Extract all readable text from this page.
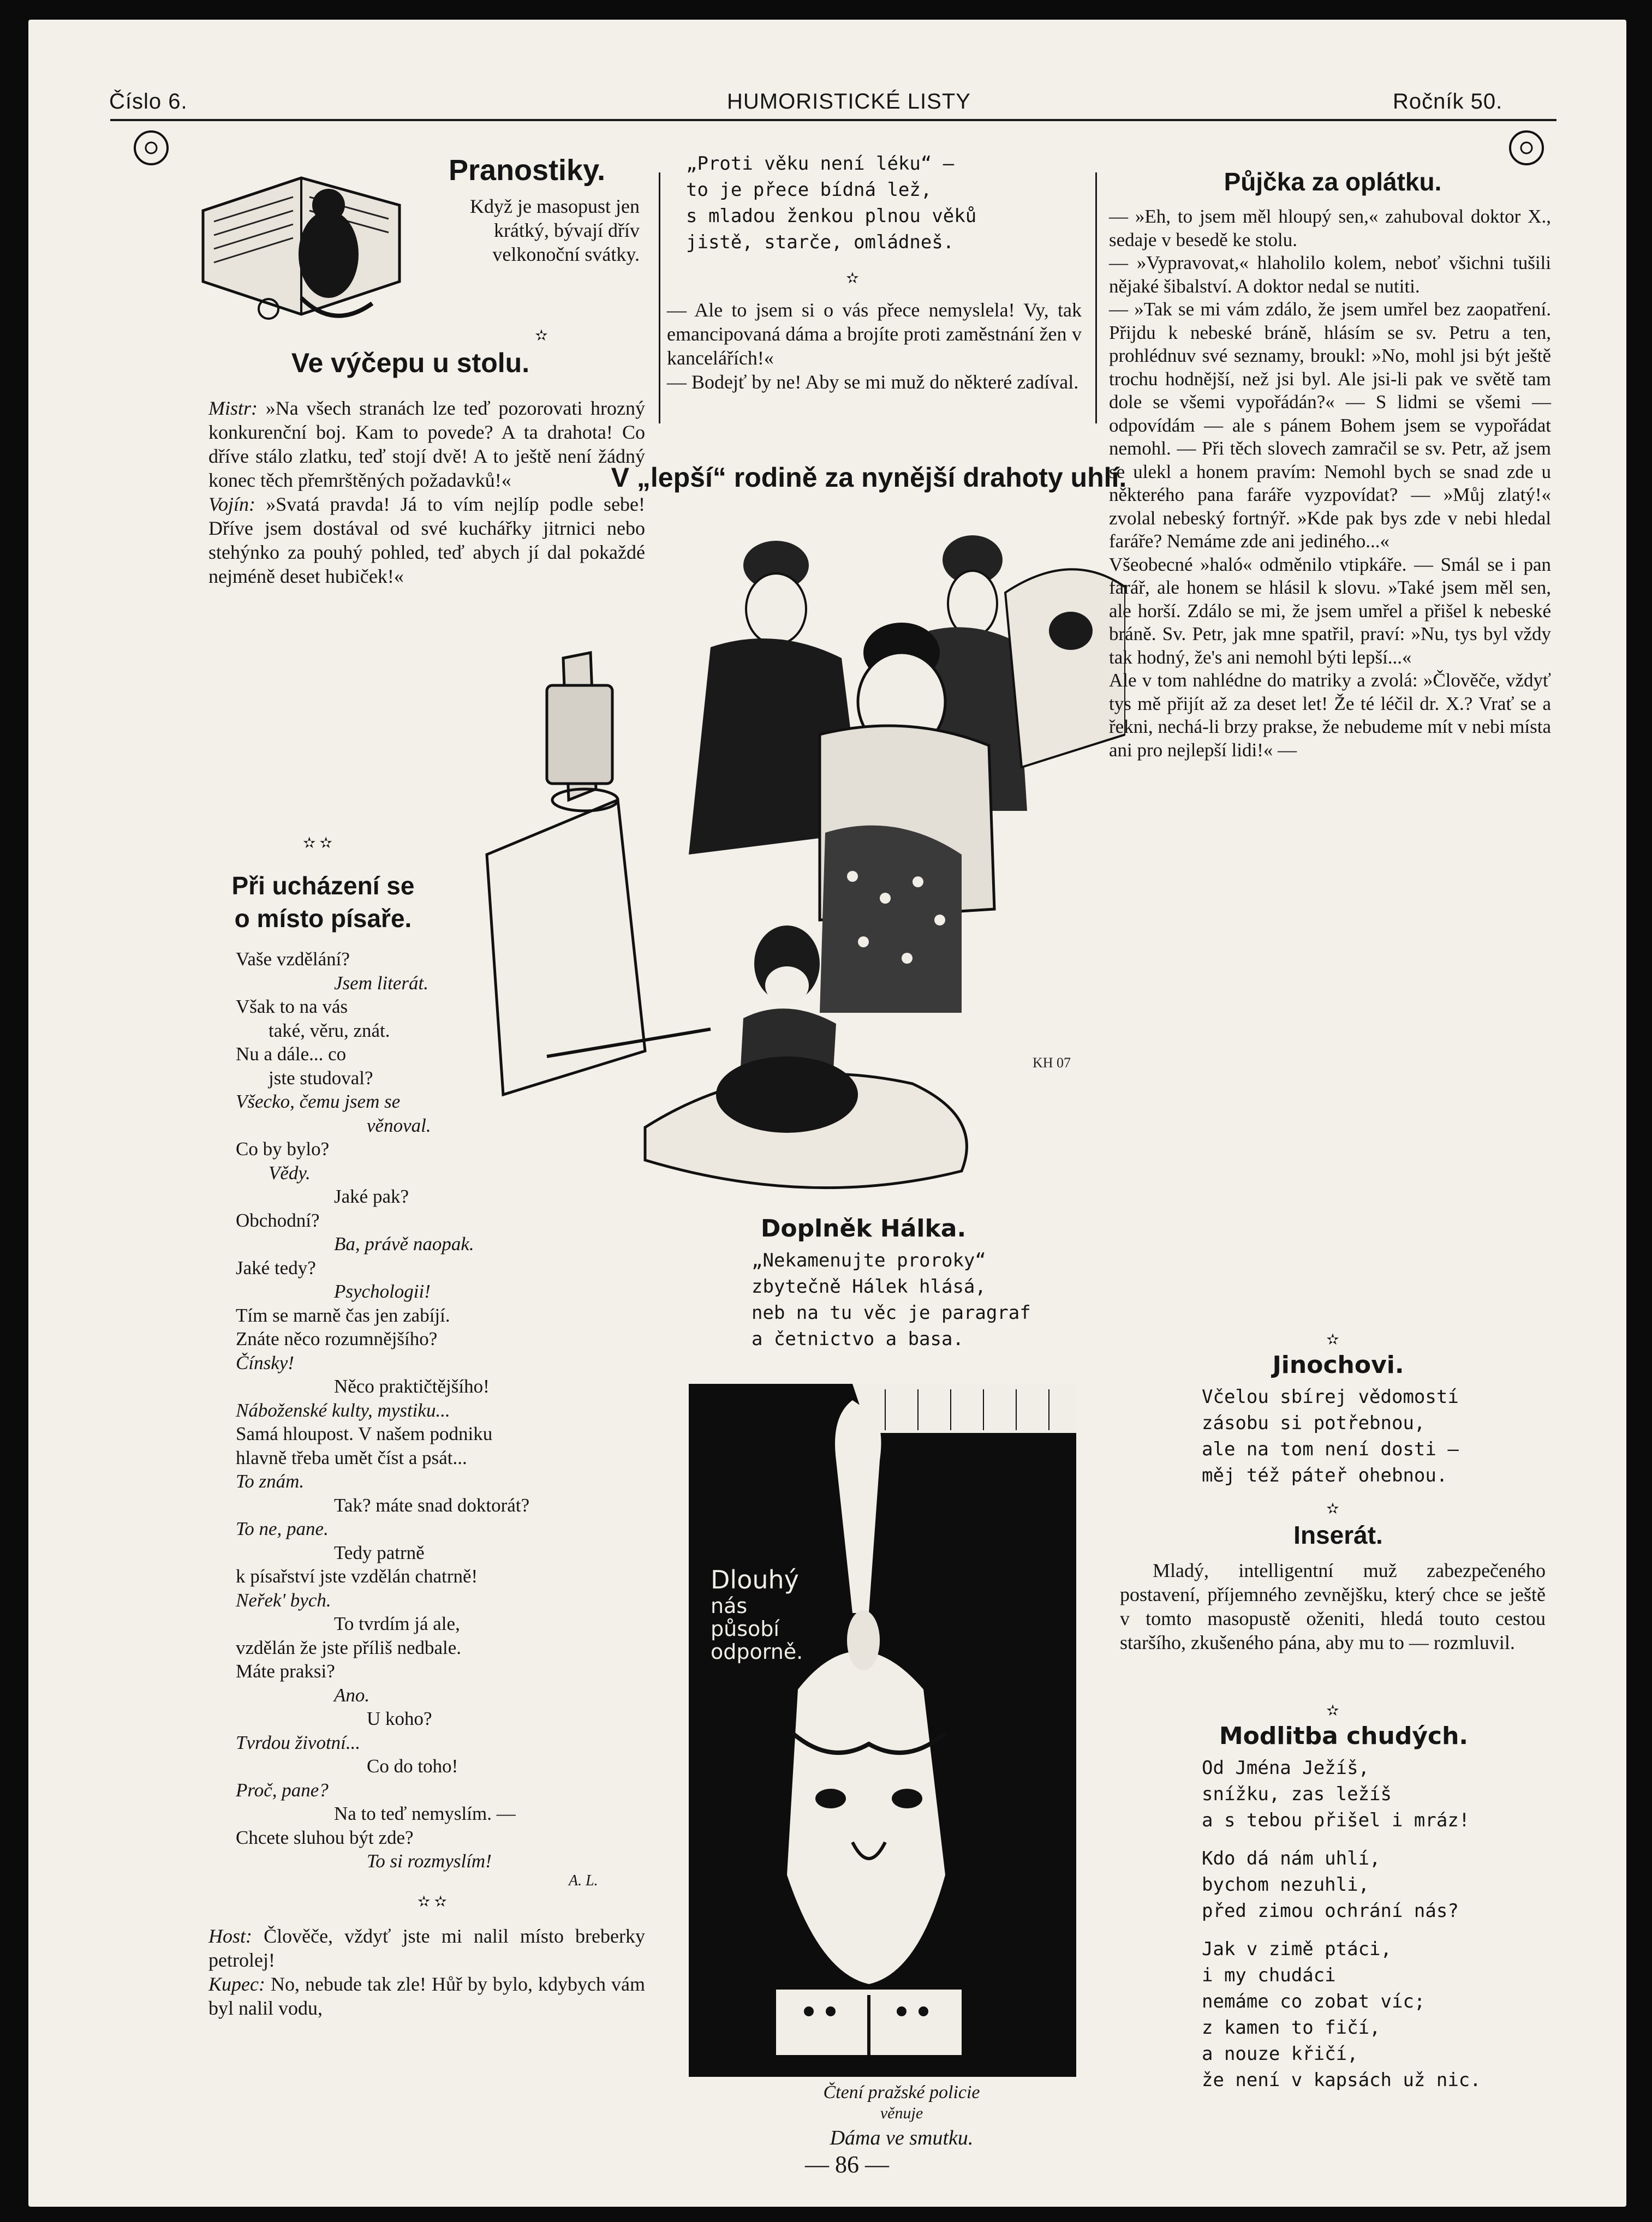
Číslo 6.	HUMORISTICKÉ LISTY	Ročník 50.
Pranostiky.
Když je masopust jen krátký, bývají dřív velkonoční svátky.
✫
Ve výčepu u stolu.

Mistr: »Na všech stranách lze teď pozorovati hrozný konkurenční boj. Kam to povede? A ta drahota! Co dříve stálo zlatku, teď stojí dvě! A to ještě není žádný konec těch přemrštěných požadavků!«

Vojín: »Svatá pravda! Já to vím nejlíp podle sebe! Dříve jsem dostával od své kuchářky jitrnici nebo stehýnko za pouhý pohled, teď abych jí dal pokaždé nejméně deset hubiček!«

✫ ✫
Při ucházení se
o místo písaře.
Vaše vzdělání?
Jsem literát.
Však to na vás
také, věru, znát.
Nu a dále... co
jste studoval?
Všecko, čemu jsem se
věnoval.
Co by bylo?
Vědy.
Jaké pak?
Obchodní?
Ba, právě naopak.
Jaké tedy?
Psychologii!
Tím se marně čas jen zabíjí.
Znáte něco rozumnějšího?
Čínsky!
Něco praktičtějšího!
Náboženské kulty, mystiku...
Samá hloupost. V našem podniku
hlavně třeba umět číst a psát...
To znám.
Tak? máte snad doktorát?
To ne, pane.
Tedy patrně
k písařství jste vzdělán chatrně!
Neřek' bych.
To tvrdím já ale,
vzdělán že jste příliš nedbale.
Máte praksi?
Ano.
U koho?
Tvrdou životní...
Co do toho!
Proč, pane?
Na to teď nemyslím. —
Chcete sluhou být zde?
To si rozmyslím!
A. L.
✫ ✫

Host: Člověče, vždyť jste mi nalil místo breberky petrolej!

Kupec: No, nebude tak zle! Hůř by bylo, kdybych vám byl nalil vodu,

„Proti věku není léku“ —
to je přece bídná lež,
s mladou ženkou plnou věků
jistě, starče, omládneš.
✫
— Ale to jsem si o vás přece nemyslela! Vy, tak emancipovaná dáma a brojíte proti zaměstnání žen v kancelářích!«
— Bodejť by ne! Aby se mi muž do některé zadíval.
V „lepší“ rodině za nynější drahoty uhlí.
KH 07
Doplněk Hálka.
„Nekamenujte proroky“
zbytečně Hálek hlásá,
neb na tu věc je paragraf
a četnictvo a basa.
Dlouhý
nás
působí
odporně.
Čtení pražské policie
věnuje
Dáma ve smutku.
Půjčka za oplátku.
— »Eh, to jsem měl hloupý sen,« zahuboval doktor X., sedaje v besedě ke stolu.
— »Vypravovat,« hlaholilo kolem, neboť všichni tušili nějaké šibalství. A doktor nedal se nutiti.
— »Tak se mi vám zdálo, že jsem umřel bez zaopatření. Přijdu k nebeské bráně, hlásím se sv. Petru a ten, prohlédnuv své seznamy, broukl: »No, mohl jsi být ještě trochu hodnější, než jsi byl. Ale jsi-li pak ve světě tam dole se všemi vypořádán?« — S lidmi se všemi — odpovídám — ale s pánem Bohem jsem se vypořádat nemohl. — Při těch slovech zamračil se sv. Petr, až jsem se ulekl a honem pravím: Nemohl bych se snad zde u některého pana faráře vyzpovídat? — »Můj zlatý!« zvolal nebeský fortnýř. »Kde pak bys zde v nebi hledal faráře? Nemáme zde ani jediného...«
Všeobecné »haló« odměnilo vtipkáře. — Smál se i pan farář, ale honem se hlásil k slovu. »Také jsem měl sen, ale horší. Zdálo se mi, že jsem umřel a přišel k nebeské bráně. Sv. Petr, jak mne spatřil, praví: »Nu, tys byl vždy tak hodný, že's ani nemohl býti lepší...«
Ale v tom nahlédne do matriky a zvolá: »Člověče, vždyť tys mě přijít až za deset let! Že té léčil dr. X.? Vrať se a řekni, nechá-li brzy prakse, že nebudeme mít v nebi místa ani pro nejlepší lidi!« —
✫
Jinochovi.
Včelou sbírej vědomostí
zásobu si potřebnou,
ale na tom není dosti —
měj též páteř ohebnou.
✫
Inserát.
Mladý, intelligentní muž zabezpečeného postavení, příjemného zevnějšku, který chce se ještě v tomto masopustě oženiti, hledá touto cestou staršího, zkušeného pána, aby mu to — rozmluvil.
✫
Modlitba chudých.
Od Jména Ježíš,
snížku, zas ležíš
a s tebou přišel i mráz!
Kdo dá nám uhlí,
bychom nezuhli,
před zimou ochrání nás?
Jak v zimě ptáci,
i my chudáci
nemáme co zobat víc;
z kamen to fičí,
a nouze křičí,
že není v kapsách už nic.
— 86 —
